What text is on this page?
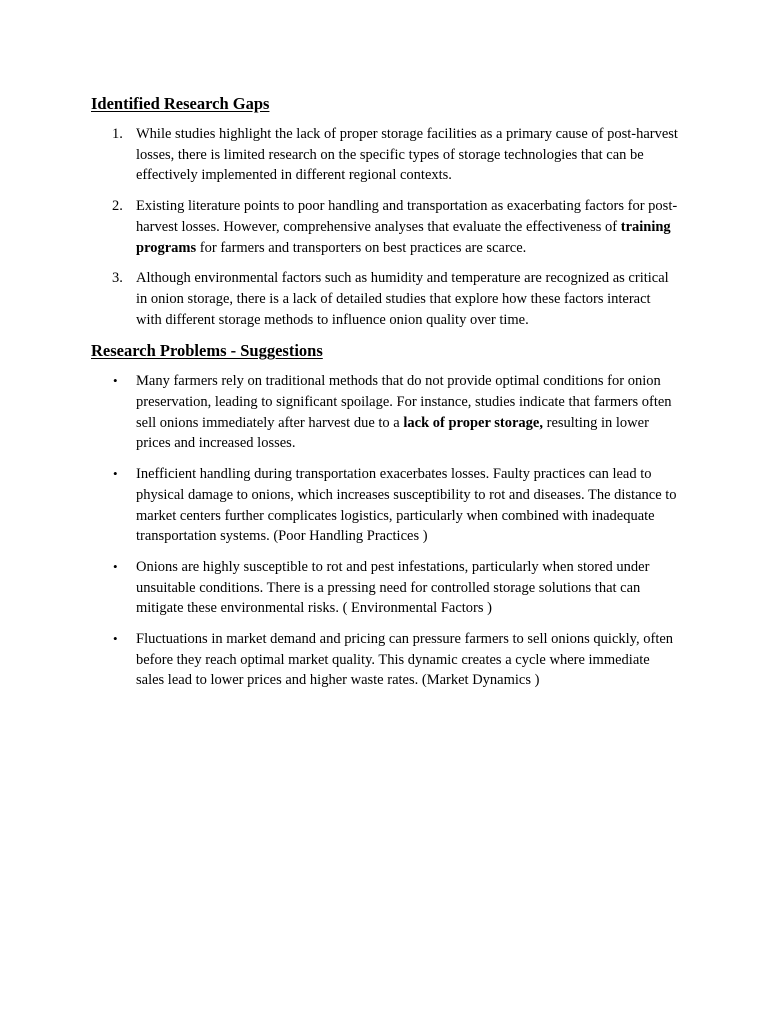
Identified Research Gaps
1. While studies highlight the lack of proper storage facilities as a primary cause of post-harvest losses, there is limited research on the specific types of storage technologies that can be effectively implemented in different regional contexts.
2. Existing literature points to poor handling and transportation as exacerbating factors for post-harvest losses. However, comprehensive analyses that evaluate the effectiveness of training programs for farmers and transporters on best practices are scarce.
3. Although environmental factors such as humidity and temperature are recognized as critical in onion storage, there is a lack of detailed studies that explore how these factors interact with different storage methods to influence onion quality over time.
Research Problems - Suggestions
•	Many farmers rely on traditional methods that do not provide optimal conditions for onion preservation, leading to significant spoilage. For instance, studies indicate that farmers often sell onions immediately after harvest due to a lack of proper storage, resulting in lower prices and increased losses.
•	Inefficient handling during transportation exacerbates losses. Faulty practices can lead to physical damage to onions, which increases susceptibility to rot and diseases. The distance to market centers further complicates logistics, particularly when combined with inadequate transportation systems. (Poor Handling Practices )
•	Onions are highly susceptible to rot and pest infestations, particularly when stored under unsuitable conditions. There is a pressing need for controlled storage solutions that can mitigate these environmental risks. ( Environmental Factors )
•	Fluctuations in market demand and pricing can pressure farmers to sell onions quickly, often before they reach optimal market quality. This dynamic creates a cycle where immediate sales lead to lower prices and higher waste rates. (Market Dynamics )
